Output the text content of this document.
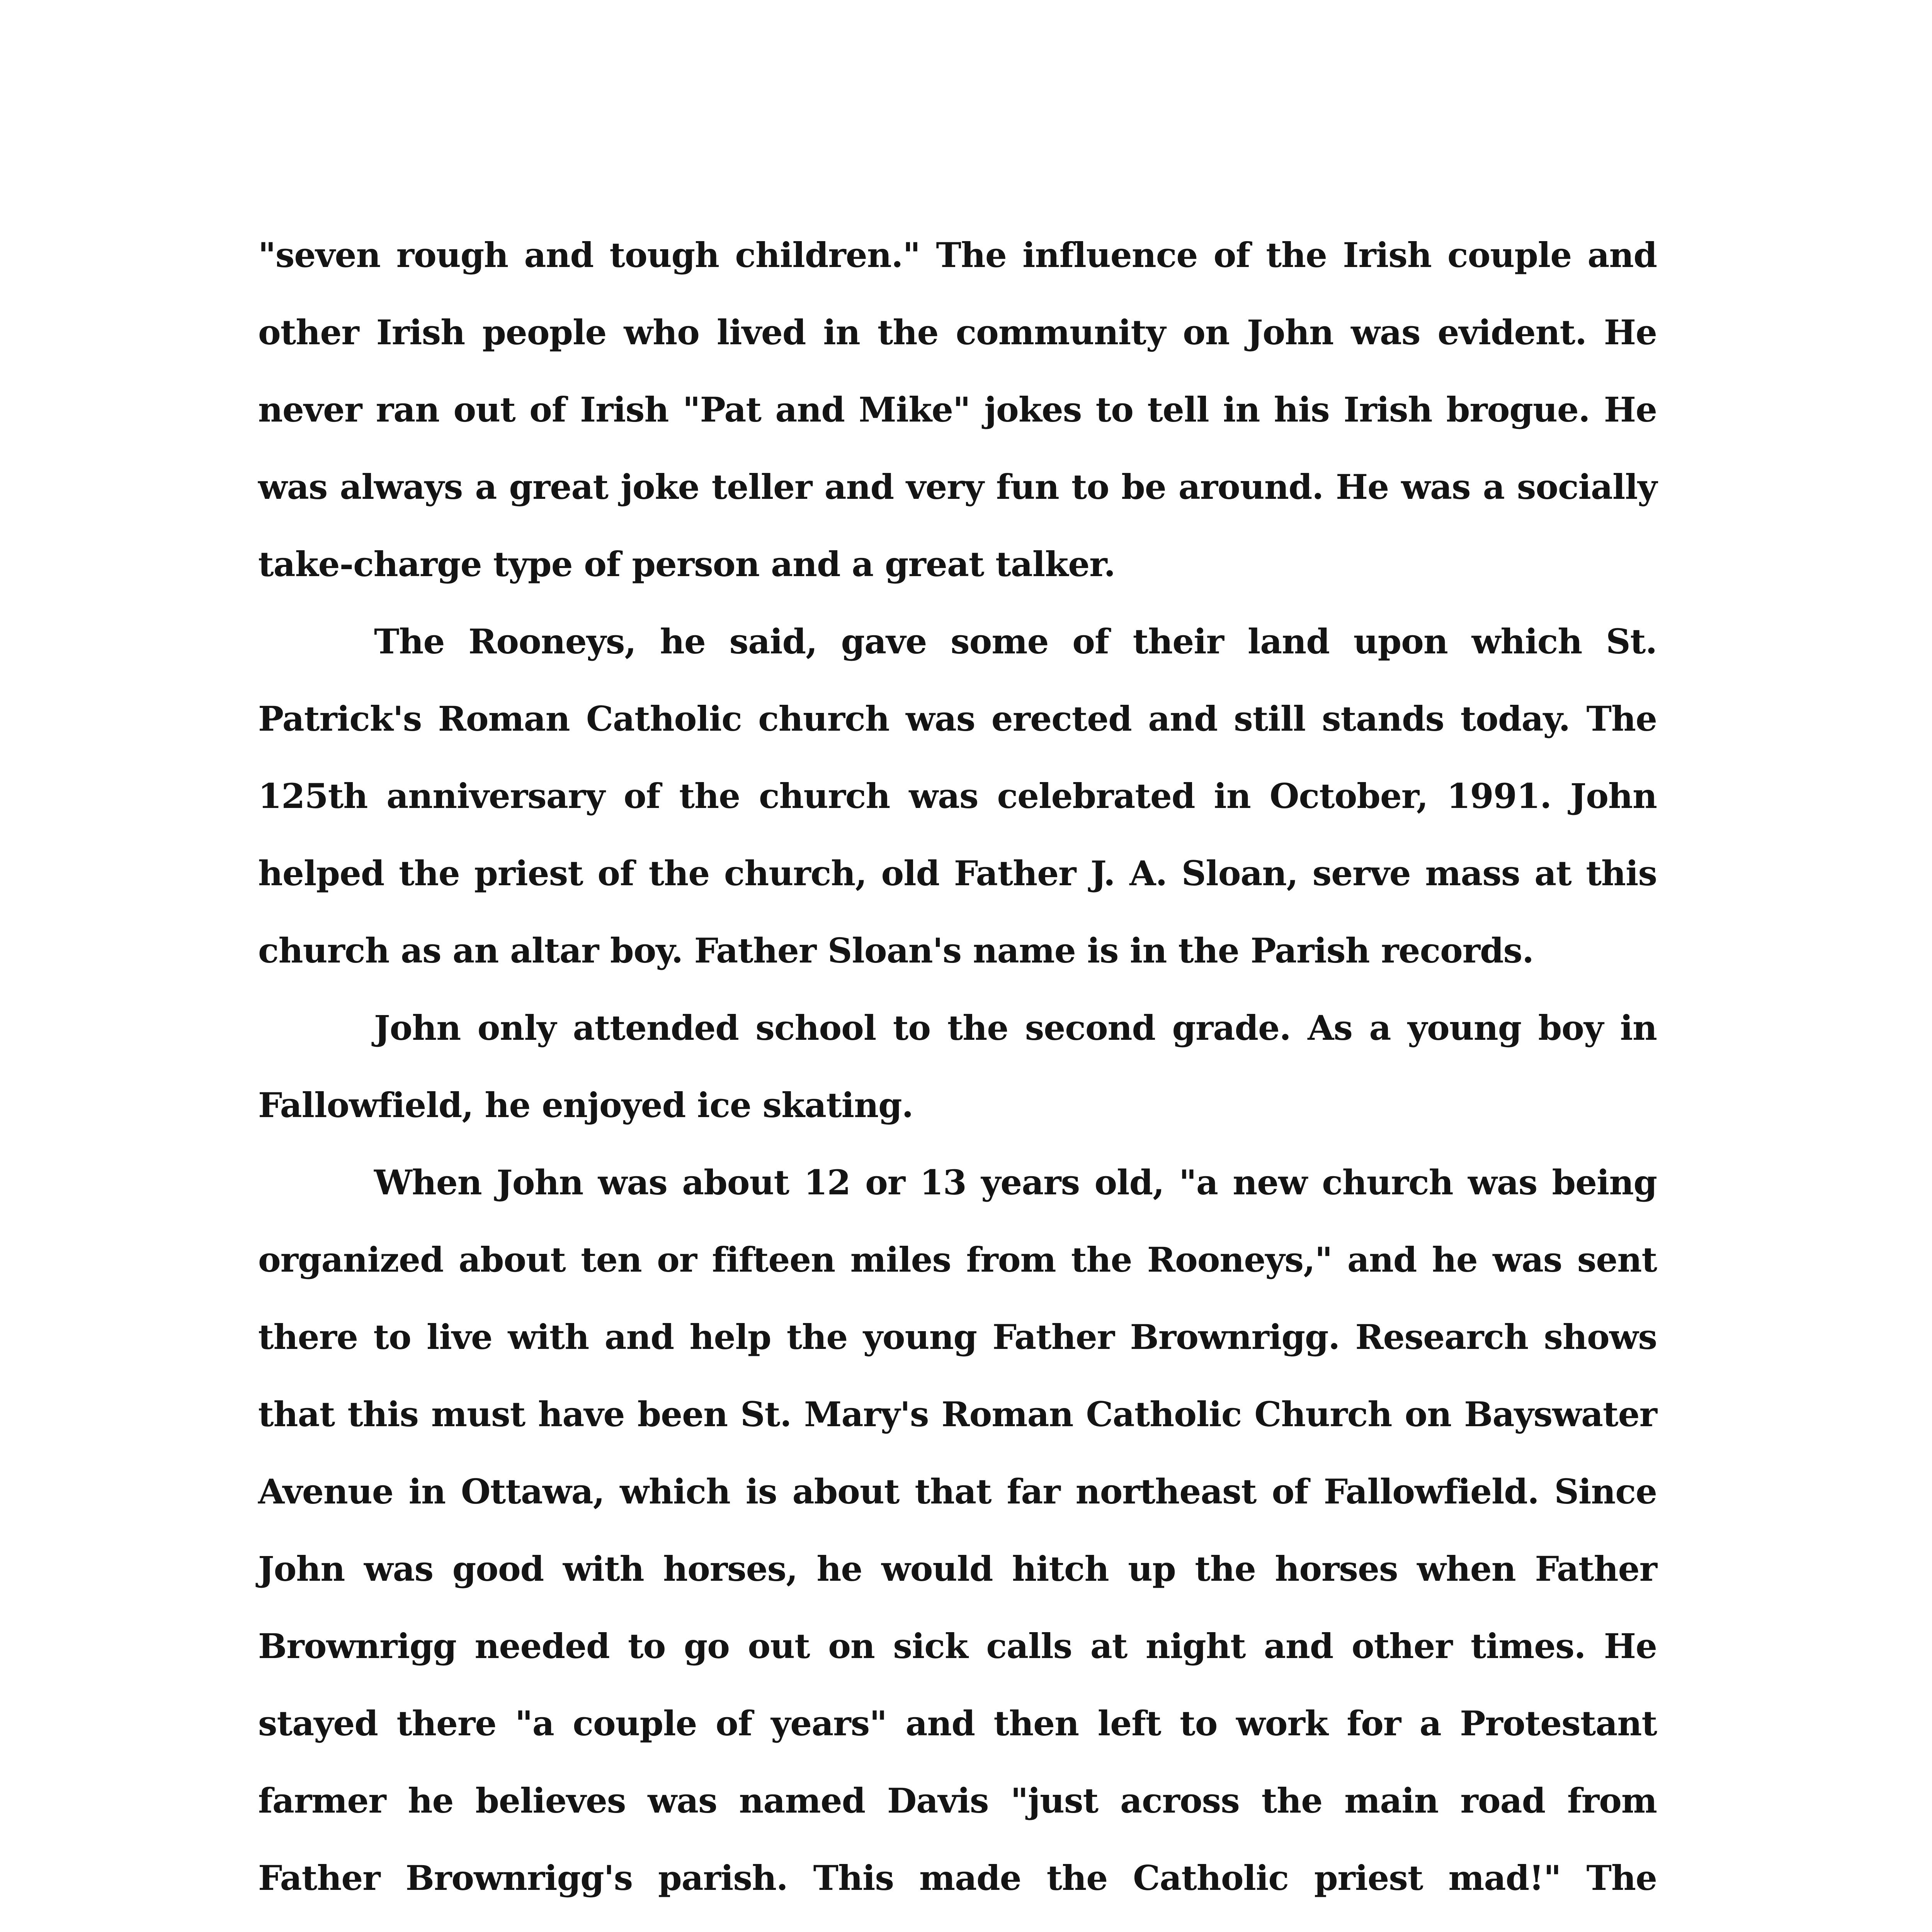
"seven rough and tough children." The influence of the Irish couple and other Irish people who lived in the community on John was evident. He never ran out of Irish "Pat and Mike" jokes to tell in his Irish brogue. He was always a great joke teller and very fun to be around. He was a socially take-charge type of person and a great talker.

The Rooneys, he said, gave some of their land upon which St. Patrick's Roman Catholic church was erected and still stands today. The 125th anniversary of the church was celebrated in October, 1991. John helped the priest of the church, old Father J. A. Sloan, serve mass at this church as an altar boy. Father Sloan's name is in the Parish records.

John only attended school to the second grade. As a young boy in Fallowfield, he enjoyed ice skating.

When John was about 12 or 13 years old, "a new church was being organized about ten or fifteen miles from the Rooneys," and he was sent there to live with and help the young Father Brownrigg. Research shows that this must have been St. Mary's Roman Catholic Church on Bayswater Avenue in Ottawa, which is about that far northeast of Fallowfield. Since John was good with horses, he would hitch up the horses when Father Brownrigg needed to go out on sick calls at night and other times. He stayed there "a couple of years" and then left to work for a Protestant farmer he believes was named Davis "just across the main road from Father Brownrigg's parish. This made the Catholic priest mad!" The
